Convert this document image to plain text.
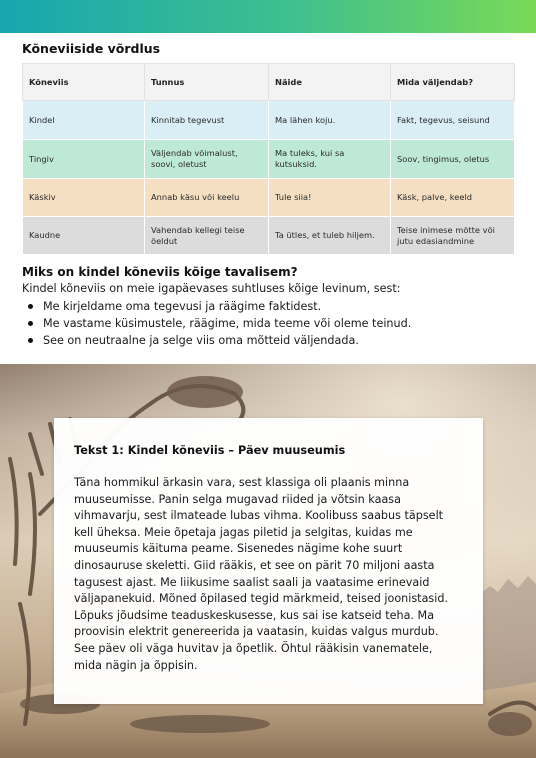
Kõneviiside võrdlus
Kõneviis	Tunnus	Näide	Mida väljendab?
Kindel	Kinnitab tegevust	Ma lähen koju.	Fakt, tegevus, seisund
Tingiv	Väljendab võimalust, soovi, oletust	Ma tuleks, kui sa kutsuksid.	Soov, tingimus, oletus
Käskiv	Annab käsu või keelu	Tule siia!	Käsk, palve, keeld
Kaudne	Vahendab kellegi teise öeldut	Ta ütles, et tuleb hiljem.	Teise inimese mõtte või jutu edasiandmine
Miks on kindel kõneviis kõige tavalisem?
Kindel kõneviis on meie igapäevases suhtluses kõige levinum, sest:
Me kirjeldame oma tegevusi ja räägime faktidest.
Me vastame küsimustele, räägime, mida teeme või oleme teinud.
See on neutraalne ja selge viis oma mõtteid väljendada.
Tekst 1: Kindel kõneviis – Päev muuseumis
Täna hommikul ärkasin vara, sest klassiga oli plaanis minna
muuseumisse. Panin selga mugavad riided ja võtsin kaasa
vihmavarju, sest ilmateade lubas vihma. Koolibuss saabus täpselt
kell üheksa. Meie õpetaja jagas piletid ja selgitas, kuidas me
muuseumis käituma peame. Sisenedes nägime kohe suurt
dinosauruse skeletti. Giid rääkis, et see on pärit 70 miljoni aasta
tagusest ajast. Me liikusime saalist saali ja vaatasime erinevaid
väljapanekuid. Mõned õpilased tegid märkmeid, teised joonistasid.
Lõpuks jõudsime teaduskeskusesse, kus sai ise katseid teha. Ma
proovisin elektrit genereerida ja vaatasin, kuidas valgus murdub.
See päev oli väga huvitav ja õpetlik. Õhtul rääkisin vanematele,
mida nägin ja õppisin.
